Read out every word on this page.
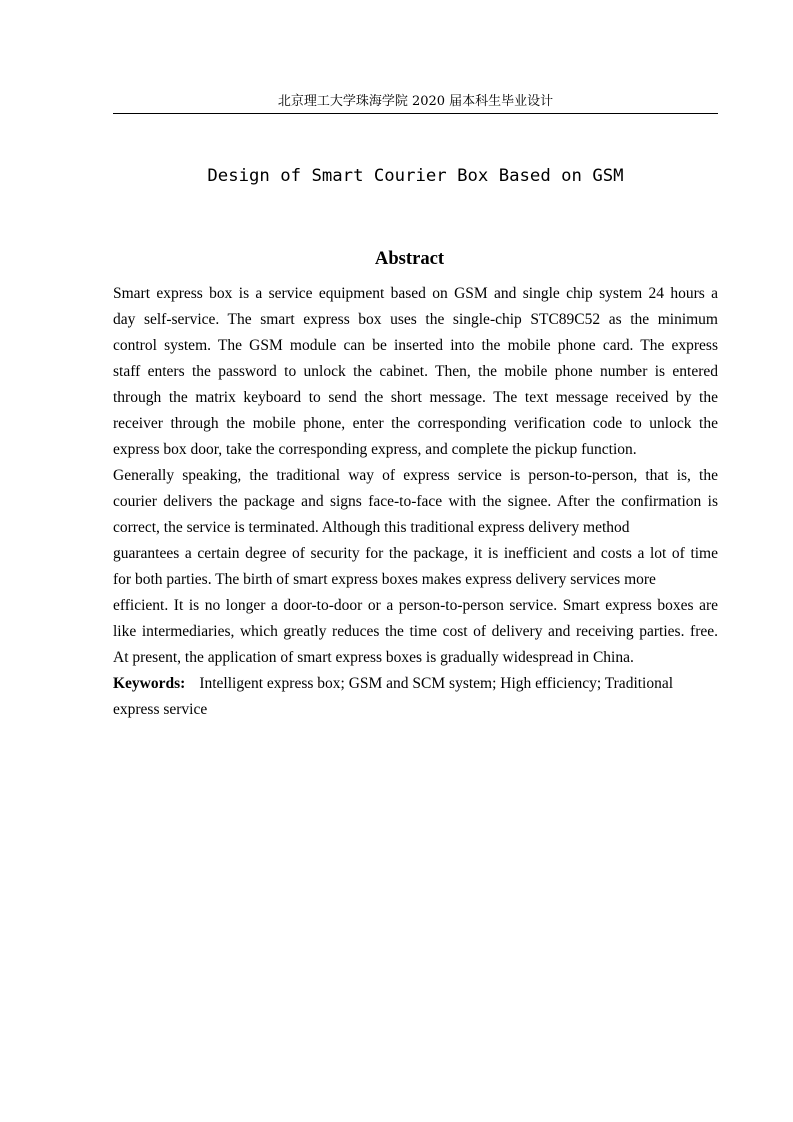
北京理工大学珠海学院 2020 届本科生毕业设计
Design of Smart Courier Box Based on GSM
Abstract
Smart express box is a service equipment based on GSM and single chip system 24 hours a
day self-service. The smart express box uses the single-chip STC89C52 as the minimum
control system. The GSM module can be inserted into the mobile phone card. The express
staff enters the password to unlock the cabinet. Then, the mobile phone number is entered
through the matrix keyboard to send the short message. The text message received by the
receiver through the mobile phone, enter the corresponding verification code to unlock the
express box door, take the corresponding express, and complete the pickup function.
Generally speaking, the traditional way of express service is person-to-person, that is, the
courier delivers the package and signs face-to-face with the signee. After the confirmation is
correct, the service is terminated. Although this traditional express delivery method
guarantees a certain degree of security for the package, it is inefficient and costs a lot of time
for both parties. The birth of smart express boxes makes express delivery services more
efficient. It is no longer a door-to-door or a person-to-person service. Smart express boxes are
like intermediaries, which greatly reduces the time cost of delivery and receiving parties. free.
At present, the application of smart express boxes is gradually widespread in China.
Keywords: Intelligent express box; GSM and SCM system; High efficiency; Traditional
express service
